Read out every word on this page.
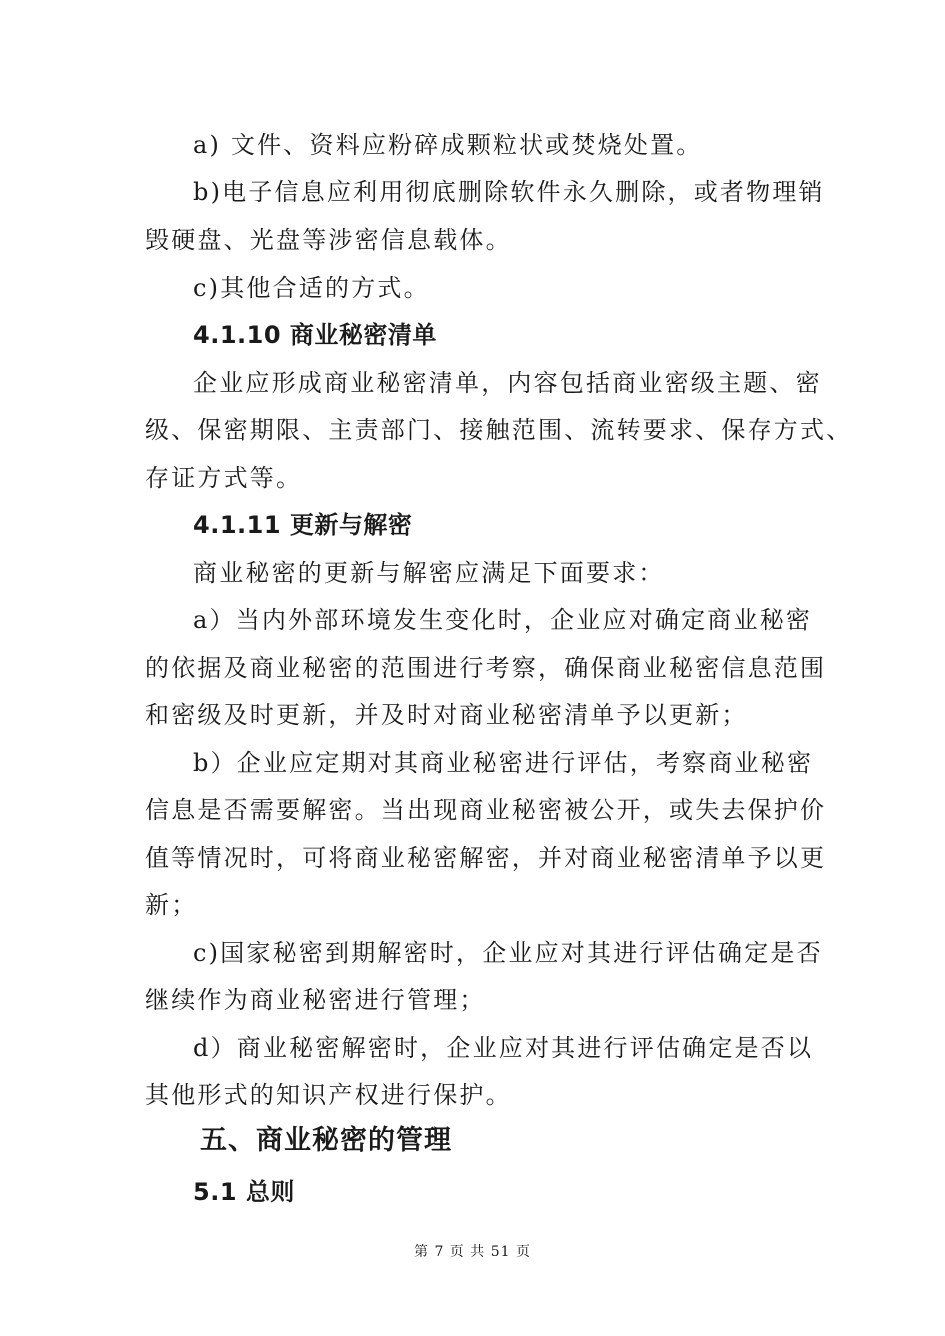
a) 文件、资料应粉碎成颗粒状或焚烧处置。
b)电子信息应利用彻底删除软件永久删除，或者物理销
毁硬盘、光盘等涉密信息载体。
c)其他合适的方式。
4.1.10 商业秘密清单
企业应形成商业秘密清单，内容包括商业密级主题、密
级、保密期限、主责部门、接触范围、流转要求、保存方式、
存证方式等。
4.1.11 更新与解密
商业秘密的更新与解密应满足下面要求：
a）当内外部环境发生变化时，企业应对确定商业秘密
的依据及商业秘密的范围进行考察，确保商业秘密信息范围
和密级及时更新，并及时对商业秘密清单予以更新；
b）企业应定期对其商业秘密进行评估，考察商业秘密
信息是否需要解密。当出现商业秘密被公开，或失去保护价
值等情况时，可将商业秘密解密，并对商业秘密清单予以更
新；
c)国家秘密到期解密时，企业应对其进行评估确定是否
继续作为商业秘密进行管理；
d）商业秘密解密时，企业应对其进行评估确定是否以
其他形式的知识产权进行保护。
五、商业秘密的管理
5.1 总则
第 7 页 共 51 页
